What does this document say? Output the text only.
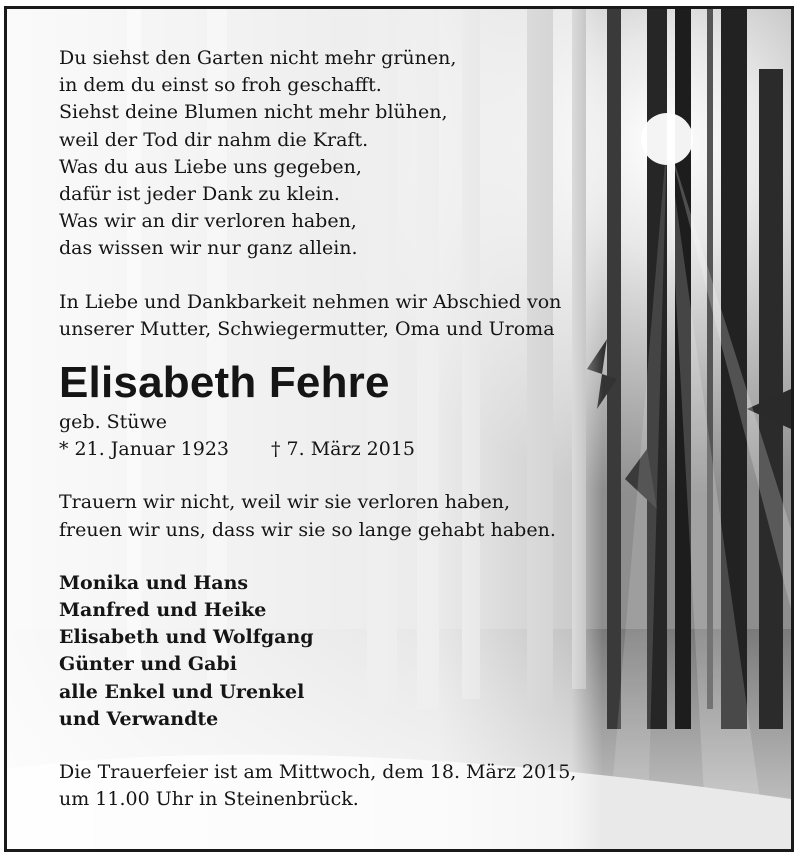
Du siehst den Garten nicht mehr grünen,

in dem du einst so froh geschafft.

Siehst deine Blumen nicht mehr blühen,

weil der Tod dir nahm die Kraft.

Was du aus Liebe uns gegeben,

dafür ist jeder Dank zu klein.

Was wir an dir verloren haben,

das wissen wir nur ganz allein.

In Liebe und Dankbarkeit nehmen wir Abschied von

unserer Mutter, Schwiegermutter, Oma und Uroma

Elisabeth Fehre

geb. Stüwe

* 21. Januar 1923	† 7. März 2015

Trauern wir nicht, weil wir sie verloren haben,

freuen wir uns, dass wir sie so lange gehabt haben.

Monika und Hans

Manfred und Heike

Elisabeth und Wolfgang

Günter und Gabi

alle Enkel und Urenkel

und Verwandte

Die Trauerfeier ist am Mittwoch, dem 18. März 2015,

um 11.00 Uhr in Steinenbrück.
